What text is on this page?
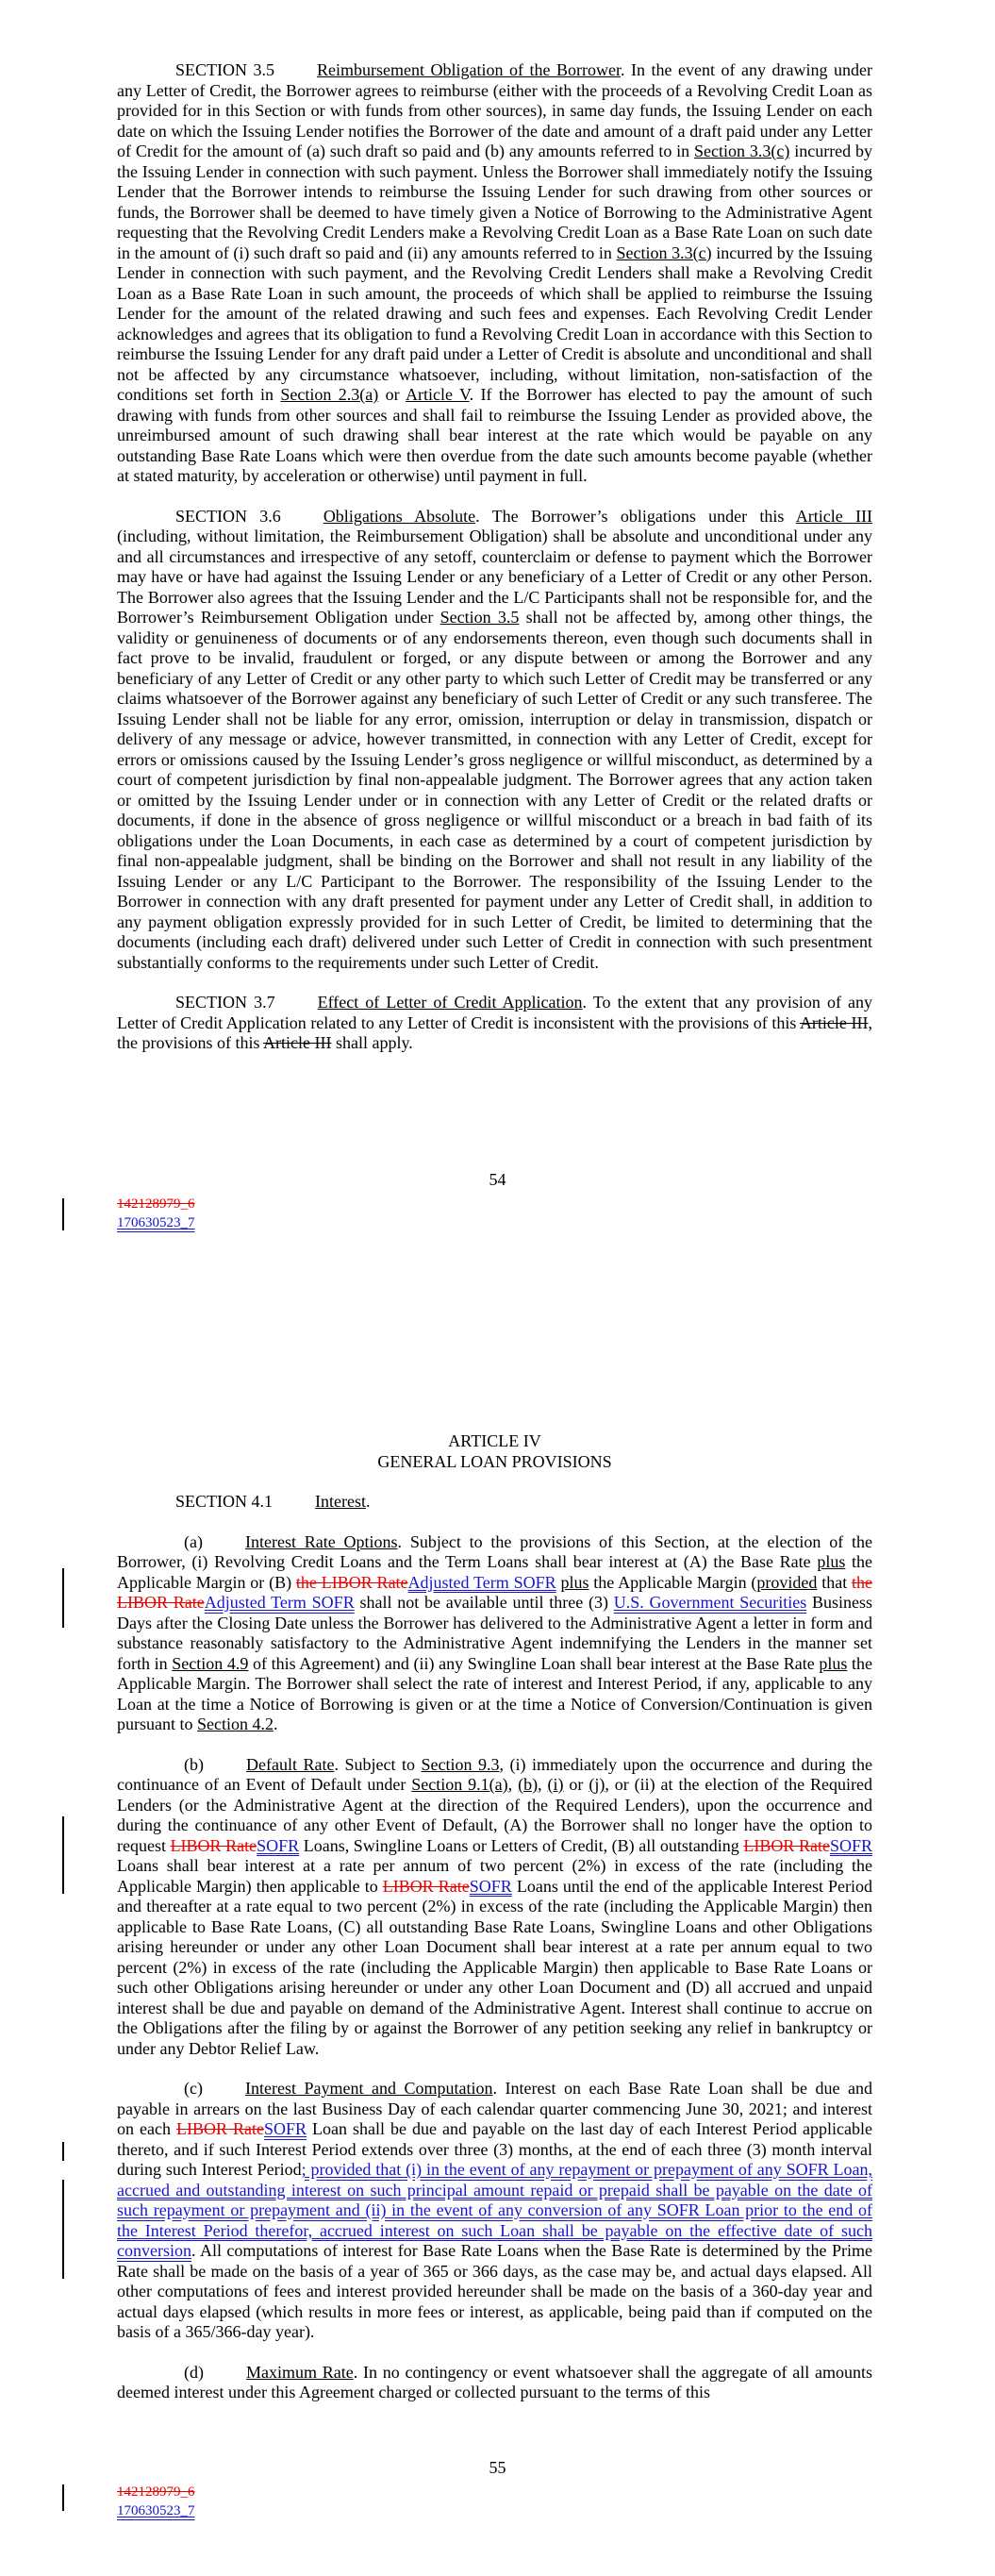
SECTION 3.5	Reimbursement Obligation of the Borrower. In the event of any drawing under any Letter of Credit, the Borrower agrees to reimburse (either with the proceeds of a Revolving Credit Loan as provided for in this Section or with funds from other sources), in same day funds, the Issuing Lender on each date on which the Issuing Lender notifies the Borrower of the date and amount of a draft paid under any Letter of Credit for the amount of (a) such draft so paid and (b) any amounts referred to in Section 3.3(c) incurred by the Issuing Lender in connection with such payment. Unless the Borrower shall immediately notify the Issuing Lender that the Borrower intends to reimburse the Issuing Lender for such drawing from other sources or funds, the Borrower shall be deemed to have timely given a Notice of Borrowing to the Administrative Agent requesting that the Revolving Credit Lenders make a Revolving Credit Loan as a Base Rate Loan on such date in the amount of (i) such draft so paid and (ii) any amounts referred to in Section 3.3(c) incurred by the Issuing Lender in connection with such payment, and the Revolving Credit Lenders shall make a Revolving Credit Loan as a Base Rate Loan in such amount, the proceeds of which shall be applied to reimburse the Issuing Lender for the amount of the related drawing and such fees and expenses. Each Revolving Credit Lender acknowledges and agrees that its obligation to fund a Revolving Credit Loan in accordance with this Section to reimburse the Issuing Lender for any draft paid under a Letter of Credit is absolute and unconditional and shall not be affected by any circumstance whatsoever, including, without limitation, non-satisfaction of the conditions set forth in Section 2.3(a) or Article V. If the Borrower has elected to pay the amount of such drawing with funds from other sources and shall fail to reimburse the Issuing Lender as provided above, the unreimbursed amount of such drawing shall bear interest at the rate which would be payable on any outstanding Base Rate Loans which were then overdue from the date such amounts become payable (whether at stated maturity, by acceleration or otherwise) until payment in full.

SECTION 3.6	Obligations Absolute. The Borrower’s obligations under this Article III (including, without limitation, the Reimbursement Obligation) shall be absolute and unconditional under any and all circumstances and irrespective of any setoff, counterclaim or defense to payment which the Borrower may have or have had against the Issuing Lender or any beneficiary of a Letter of Credit or any other Person. The Borrower also agrees that the Issuing Lender and the L/C Participants shall not be responsible for, and the Borrower’s Reimbursement Obligation under Section 3.5 shall not be affected by, among other things, the validity or genuineness of documents or of any endorsements thereon, even though such documents shall in fact prove to be invalid, fraudulent or forged, or any dispute between or among the Borrower and any beneficiary of any Letter of Credit or any other party to which such Letter of Credit may be transferred or any claims whatsoever of the Borrower against any beneficiary of such Letter of Credit or any such transferee. The Issuing Lender shall not be liable for any error, omission, interruption or delay in transmission, dispatch or delivery of any message or advice, however transmitted, in connection with any Letter of Credit, except for errors or omissions caused by the Issuing Lender’s gross negligence or willful misconduct, as determined by a court of competent jurisdiction by final non-appealable judgment. The Borrower agrees that any action taken or omitted by the Issuing Lender under or in connection with any Letter of Credit or the related drafts or documents, if done in the absence of gross negligence or willful misconduct or a breach in bad faith of its obligations under the Loan Documents, in each case as determined by a court of competent jurisdiction by final non-appealable judgment, shall be binding on the Borrower and shall not result in any liability of the Issuing Lender or any L/C Participant to the Borrower. The responsibility of the Issuing Lender to the Borrower in connection with any draft presented for payment under any Letter of Credit shall, in addition to any payment obligation expressly provided for in such Letter of Credit, be limited to determining that the documents (including each draft) delivered under such Letter of Credit in connection with such presentment substantially conforms to the requirements under such Letter of Credit.

SECTION 3.7	Effect of Letter of Credit Application. To the extent that any provision of any Letter of Credit Application related to any Letter of Credit is inconsistent with the provisions of this Article III, the provisions of this Article III shall apply.

54
142128979_6
170630523_7
ARTICLE IV
GENERAL LOAN PROVISIONS

SECTION 4.1	Interest.

(a)	Interest Rate Options. Subject to the provisions of this Section, at the election of the Borrower, (i) Revolving Credit Loans and the Term Loans shall bear interest at (A) the Base Rate plus the Applicable Margin or (B) the LIBOR RateAdjusted Term SOFR plus the Applicable Margin (provided that the LIBOR RateAdjusted Term SOFR shall not be available until three (3) U.S. Government Securities Business Days after the Closing Date unless the Borrower has delivered to the Administrative Agent a letter in form and substance reasonably satisfactory to the Administrative Agent indemnifying the Lenders in the manner set forth in Section 4.9 of this Agreement) and (ii) any Swingline Loan shall bear interest at the Base Rate plus the Applicable Margin. The Borrower shall select the rate of interest and Interest Period, if any, applicable to any Loan at the time a Notice of Borrowing is given or at the time a Notice of Conversion/Continuation is given pursuant to Section 4.2.

(b)	Default Rate. Subject to Section 9.3, (i) immediately upon the occurrence and during the continuance of an Event of Default under Section 9.1(a), (b), (i) or (j), or (ii) at the election of the Required Lenders (or the Administrative Agent at the direction of the Required Lenders), upon the occurrence and during the continuance of any other Event of Default, (A) the Borrower shall no longer have the option to request LIBOR RateSOFR Loans, Swingline Loans or Letters of Credit, (B) all outstanding LIBOR RateSOFR Loans shall bear interest at a rate per annum of two percent (2%) in excess of the rate (including the Applicable Margin) then applicable to LIBOR RateSOFR Loans until the end of the applicable Interest Period and thereafter at a rate equal to two percent (2%) in excess of the rate (including the Applicable Margin) then applicable to Base Rate Loans, (C) all outstanding Base Rate Loans, Swingline Loans and other Obligations arising hereunder or under any other Loan Document shall bear interest at a rate per annum equal to two percent (2%) in excess of the rate (including the Applicable Margin) then applicable to Base Rate Loans or such other Obligations arising hereunder or under any other Loan Document and (D) all accrued and unpaid interest shall be due and payable on demand of the Administrative Agent. Interest shall continue to accrue on the Obligations after the filing by or against the Borrower of any petition seeking any relief in bankruptcy or under any Debtor Relief Law.

(c)	Interest Payment and Computation. Interest on each Base Rate Loan shall be due and payable in arrears on the last Business Day of each calendar quarter commencing June 30, 2021; and interest on each LIBOR RateSOFR Loan shall be due and payable on the last day of each Interest Period applicable thereto, and if such Interest Period extends over three (3) months, at the end of each three (3) month interval during such Interest Period; provided that (i) in the event of any repayment or prepayment of any SOFR Loan, accrued and outstanding interest on such principal amount repaid or prepaid shall be payable on the date of such repayment or prepayment and (ii) in the event of any conversion of any SOFR Loan prior to the end of the Interest Period therefor, accrued interest on such Loan shall be payable on the effective date of such conversion. All computations of interest for Base Rate Loans when the Base Rate is determined by the Prime Rate shall be made on the basis of a year of 365 or 366 days, as the case may be, and actual days elapsed. All other computations of fees and interest provided hereunder shall be made on the basis of a 360-day year and actual days elapsed (which results in more fees or interest, as applicable, being paid than if computed on the basis of a 365/366-day year).

(d)	Maximum Rate. In no contingency or event whatsoever shall the aggregate of all amounts deemed interest under this Agreement charged or collected pursuant to the terms of this

55
142128979_6
170630523_7
